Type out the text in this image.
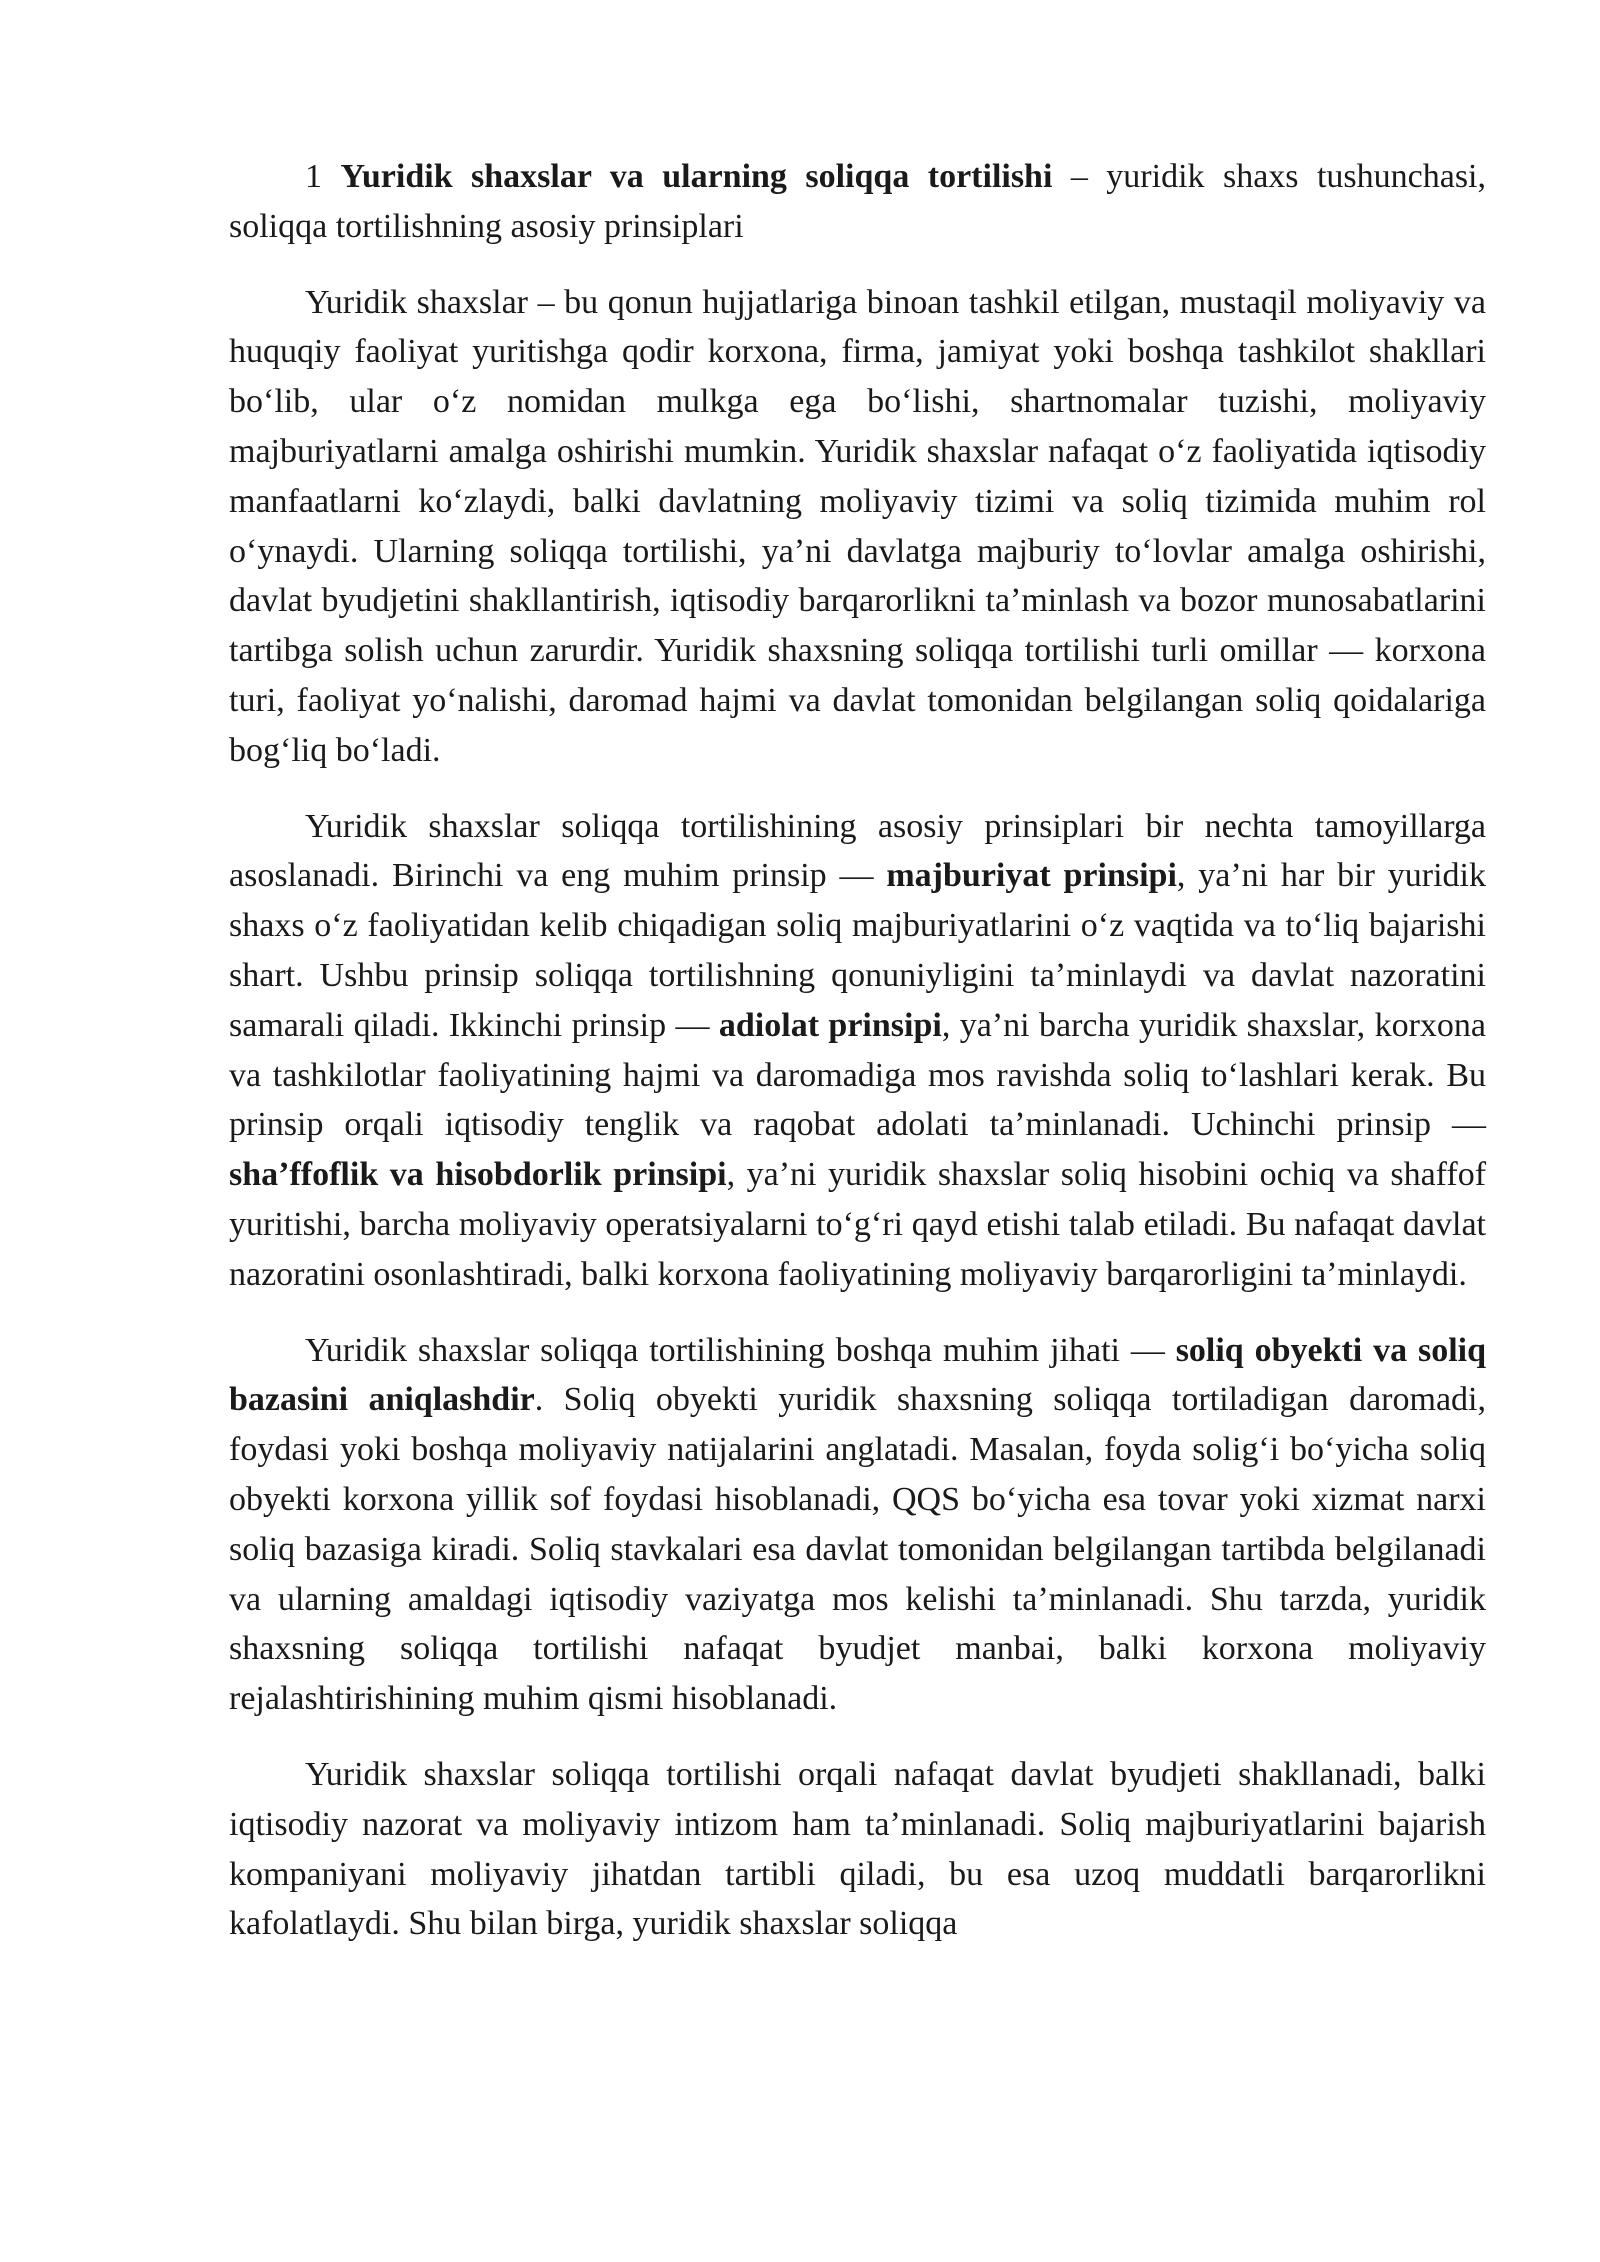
1 Yuridik shaxslar va ularning soliqqa tortilishi – yuridik shaxs tushunchasi, soliqqa tortilishning asosiy prinsiplari

Yuridik shaxslar – bu qonun hujjatlariga binoan tashkil etilgan, mustaqil moliyaviy va huquqiy faoliyat yuritishga qodir korxona, firma, jamiyat yoki boshqa tashkilot shakllari boʻlib, ular oʻz nomidan mulkga ega boʻlishi, shartnomalar tuzishi, moliyaviy majburiyatlarni amalga oshirishi mumkin. Yuridik shaxslar nafaqat oʻz faoliyatida iqtisodiy manfaatlarni koʻzlaydi, balki davlatning moliyaviy tizimi va soliq tizimida muhim rol oʻynaydi. Ularning soliqqa tortilishi, yaʼni davlatga majburiy toʻlovlar amalga oshirishi, davlat byudjetini shakllantirish, iqtisodiy barqarorlikni taʼminlash va bozor munosabatlarini tartibga solish uchun zarurdir. Yuridik shaxsning soliqqa tortilishi turli omillar — korxona turi, faoliyat yoʻnalishi, daromad hajmi va davlat tomonidan belgilangan soliq qoidalariga bogʻliq boʻladi.

Yuridik shaxslar soliqqa tortilishining asosiy prinsiplari bir nechta tamoyillarga asoslanadi. Birinchi va eng muhim prinsip — majburiyat prinsipi, yaʼni har bir yuridik shaxs oʻz faoliyatidan kelib chiqadigan soliq majburiyatlarini oʻz vaqtida va toʻliq bajarishi shart. Ushbu prinsip soliqqa tortilishning qonuniyligini taʼminlaydi va davlat nazoratini samarali qiladi. Ikkinchi prinsip — adiolat prinsipi, yaʼni barcha yuridik shaxslar, korxona va tashkilotlar faoliyatining hajmi va daromadiga mos ravishda soliq toʻlashlari kerak. Bu prinsip orqali iqtisodiy tenglik va raqobat adolati taʼminlanadi. Uchinchi prinsip — shaʼffoflik va hisobdorlik prinsipi, yaʼni yuridik shaxslar soliq hisobini ochiq va shaffof yuritishi, barcha moliyaviy operatsiyalarni toʻgʻri qayd etishi talab etiladi. Bu nafaqat davlat nazoratini osonlashtiradi, balki korxona faoliyatining moliyaviy barqarorligini taʼminlaydi.

Yuridik shaxslar soliqqa tortilishining boshqa muhim jihati — soliq obyekti va soliq bazasini aniqlashdir. Soliq obyekti yuridik shaxsning soliqqa tortiladigan daromadi, foydasi yoki boshqa moliyaviy natijalarini anglatadi. Masalan, foyda soligʻi boʻyicha soliq obyekti korxona yillik sof foydasi hisoblanadi, QQS boʻyicha esa tovar yoki xizmat narxi soliq bazasiga kiradi. Soliq stavkalari esa davlat tomonidan belgilangan tartibda belgilanadi va ularning amaldagi iqtisodiy vaziyatga mos kelishi taʼminlanadi. Shu tarzda, yuridik shaxsning soliqqa tortilishi nafaqat byudjet manbai, balki korxona moliyaviy rejalashtirishining muhim qismi hisoblanadi.

Yuridik shaxslar soliqqa tortilishi orqali nafaqat davlat byudjeti shakllanadi, balki iqtisodiy nazorat va moliyaviy intizom ham taʼminlanadi. Soliq majburiyatlarini bajarish kompaniyani moliyaviy jihatdan tartibli qiladi, bu esa uzoq muddatli barqarorlikni kafolatlaydi. Shu bilan birga, yuridik shaxslar soliqqa
